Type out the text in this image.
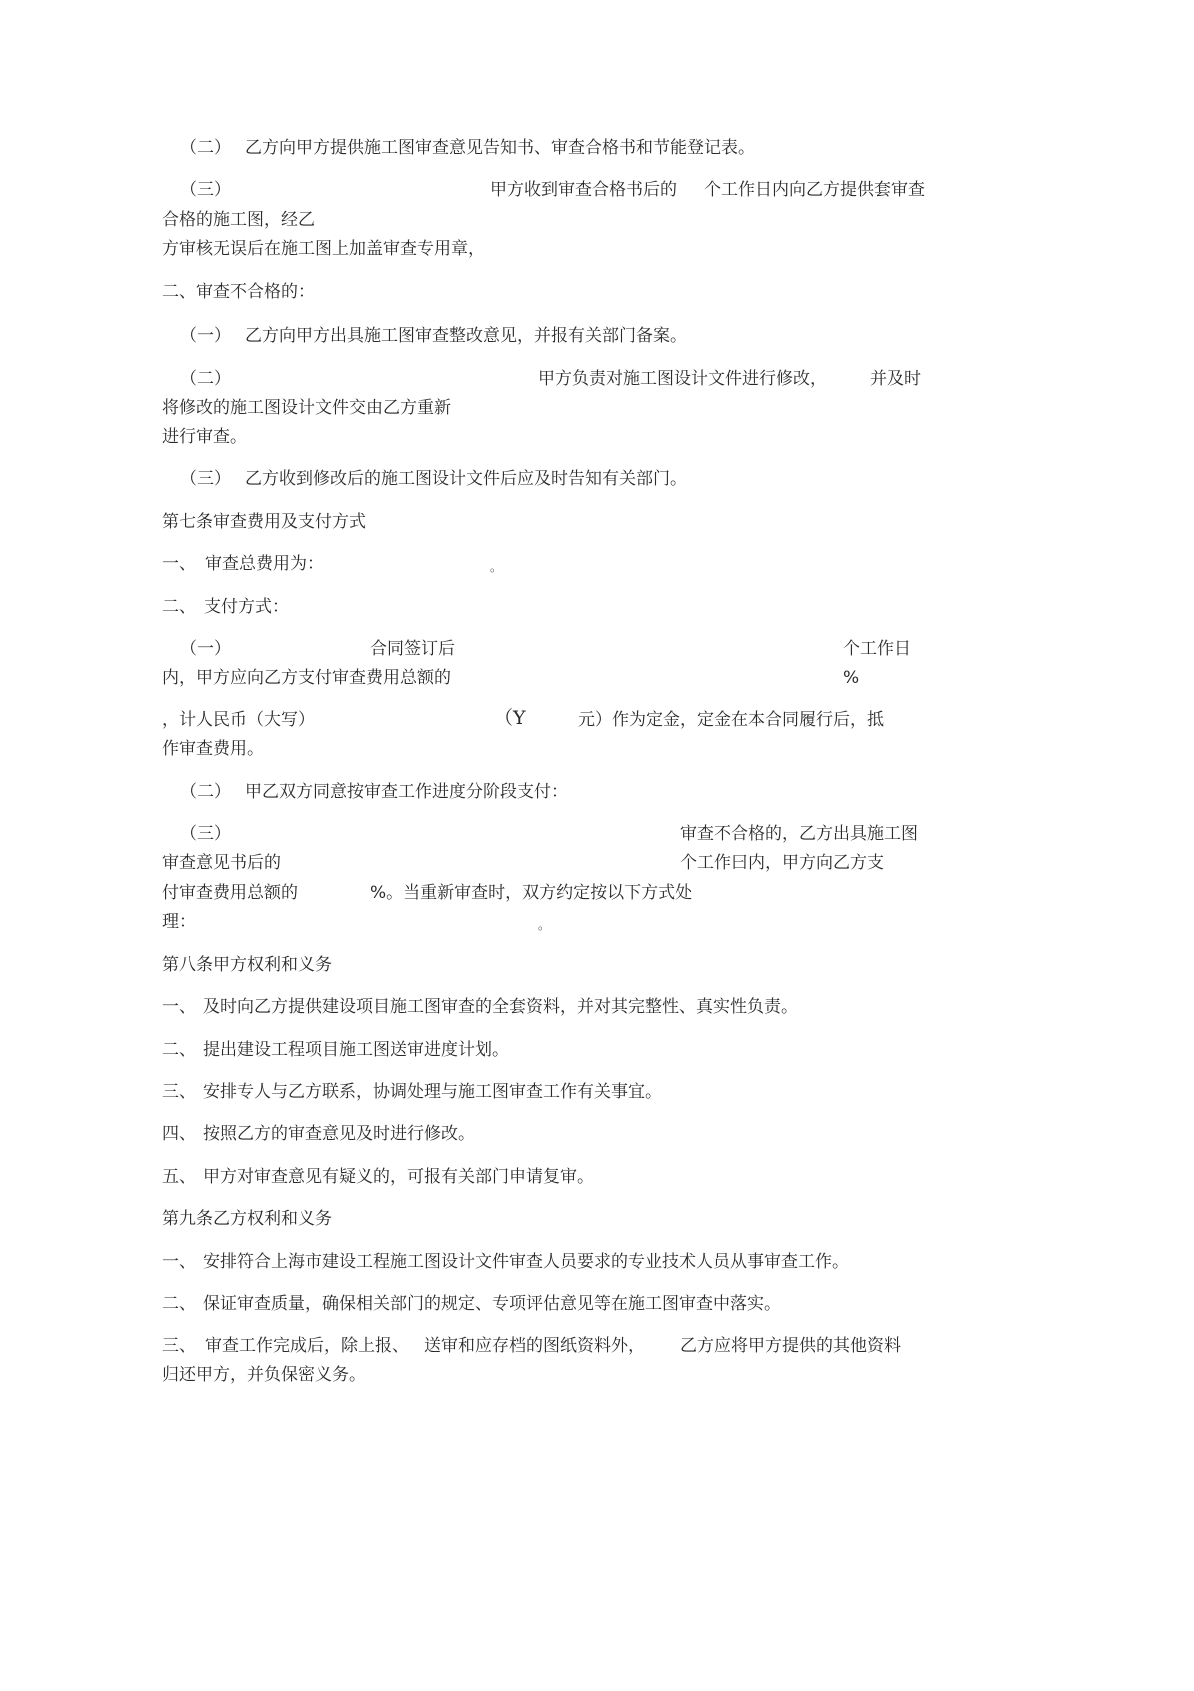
（二） 乙方向甲方提供施工图审查意见告知书、审查合格书和节能登记表。
（三）	甲方收到审查合格书后的 个工作日内向乙方提供套审查
合格的施工图，经乙
方审核无误后在施工图上加盖审查专用章，
二、审查不合格的：
（一） 乙方向甲方出具施工图审查整改意见，并报有关部门备案。
（二）	甲方负责对施工图设计文件进行修改，	并及时
将修改的施工图设计文件交由乙方重新
进行审查。
（三） 乙方收到修改后的施工图设计文件后应及时告知有关部门。
第七条审查费用及支付方式
一、 审查总费用为：	。
二、 支付方式：
（一）	合同签订后	个工作日
内，甲方应向乙方支付审查费用总额的	%
，计人民币（大写）	（Y	元）作为定金，定金在本合同履行后，抵
作审查费用。
（二） 甲乙双方同意按审查工作进度分阶段支付：
（三）	审查不合格的，乙方出具施工图
审查意见书后的	个工作曰内，甲方向乙方支
付审查费用总额的	%。当重新审查时，双方约定按以下方式处
理：	。
第八条甲方权利和义务
一、 及时向乙方提供建设项目施工图审查的全套资料，并对其完整性、真实性负责。
二、 提出建设工程项目施工图送审进度计划。
三、 安排专人与乙方联系，协调处理与施工图审查工作有关事宜。
四、 按照乙方的审查意见及时进行修改。
五、 甲方对审查意见有疑义的，可报有关部门申请复审。
第九条乙方权利和义务
一、 安排符合上海市建设工程施工图设计文件审查人员要求的专业技术人员从事审查工作。
二、 保证审查质量，确保相关部门的规定、专项评估意见等在施工图审查中落实。
三、 审查工作完成后，除上报、 送审和应存档的图纸资料外， 乙方应将甲方提供的其他资料
归还甲方，并负保密义务。
